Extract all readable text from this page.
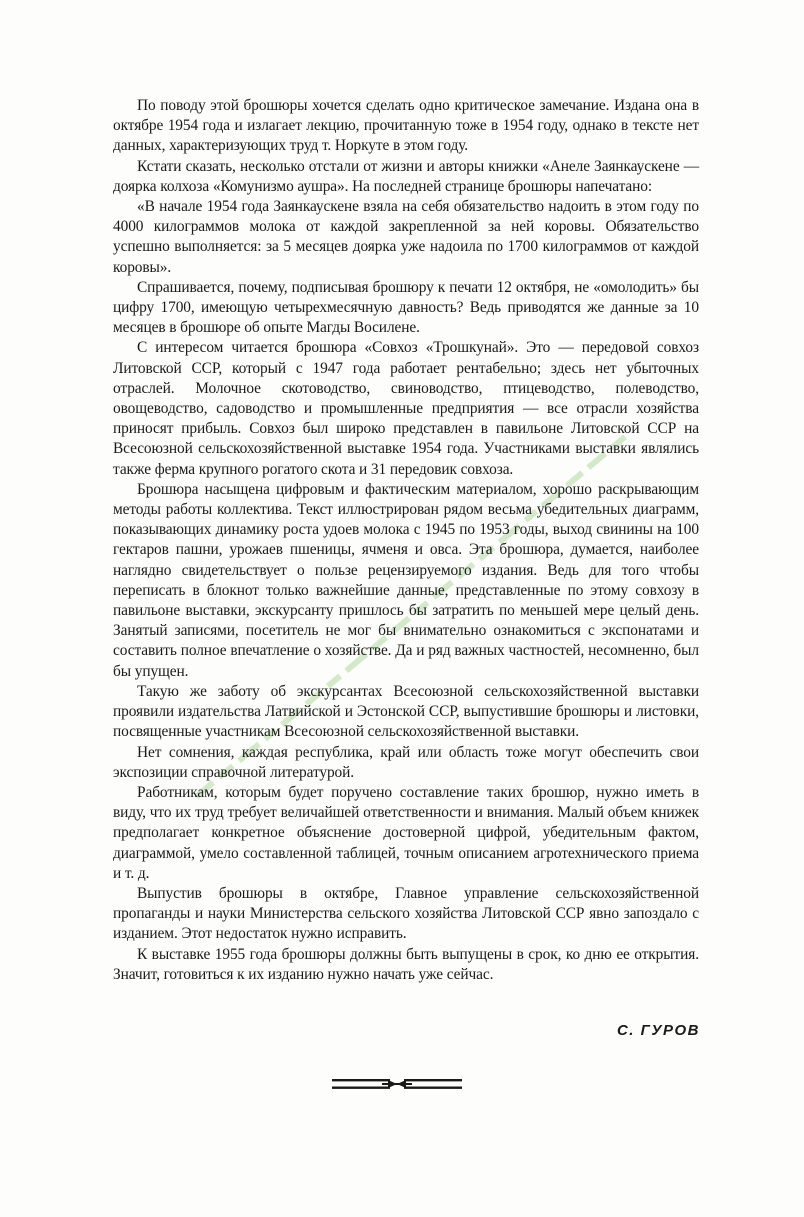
По поводу этой брошюры хочется сделать одно критическое замечание. Издана она в октябре 1954 года и излагает лекцию, прочитанную тоже в 1954 году, однако в тексте нет данных, характеризующих труд т. Норкуте в этом году.

Кстати сказать, несколько отстали от жизни и авторы книжки «Анеле Заянкаускене — доярка колхоза «Комунизмо аушра». На последней странице брошюры напечатано:

«В начале 1954 года Заянкаускене взяла на себя обязательство надоить в этом году по 4000 килограммов молока от каждой закрепленной за ней коровы. Обязательство успешно выполняется: за 5 месяцев доярка уже надоила по 1700 килограммов от каждой коровы».

Спрашивается, почему, подписывая брошюру к печати 12 октября, не «омолодить» бы цифру 1700, имеющую четырехмесячную давность? Ведь приводятся же данные за 10 месяцев в брошюре об опыте Магды Восилене.

С интересом читается брошюра «Совхоз «Трошкунай». Это — передовой совхоз Литовской ССР, который с 1947 года работает рентабельно; здесь нет убыточных отраслей. Молочное скотоводство, свиноводство, птицеводство, полеводство, овощеводство, садоводство и промышленные предприятия — все отрасли хозяйства приносят прибыль. Совхоз был широко представлен в павильоне Литовской ССР на Всесоюзной сельскохозяйственной выставке 1954 года. Участниками выставки являлись также ферма крупного рогатого скота и 31 передовик совхоза.

Брошюра насыщена цифровым и фактическим материалом, хорошо раскрывающим методы работы коллектива. Текст иллюстрирован рядом весьма убедительных диаграмм, показывающих динамику роста удоев молока с 1945 по 1953 годы, выход свинины на 100 гектаров пашни, урожаев пшеницы, ячменя и овса. Эта брошюра, думается, наиболее наглядно свидетельствует о пользе рецензируемого издания. Ведь для того чтобы переписать в блокнот только важнейшие данные, представленные по этому совхозу в павильоне выставки, экскурсанту пришлось бы затратить по меньшей мере целый день. Занятый записями, посетитель не мог бы внимательно ознакомиться с экспонатами и составить полное впечатление о хозяйстве. Да и ряд важных частностей, несомненно, был бы упущен.

Такую же заботу об экскурсантах Всесоюзной сельскохозяйственной выставки проявили издательства Латвийской и Эстонской ССР, выпустившие брошюры и листовки, посвященные участникам Всесоюзной сельскохозяйственной выставки.

Нет сомнения, каждая республика, край или область тоже могут обеспечить свои экспозиции справочной литературой.

Работникам, которым будет поручено составление таких брошюр, нужно иметь в виду, что их труд требует величайшей ответственности и внимания. Малый объем книжек предполагает конкретное объяснение достоверной цифрой, убедительным фактом, диаграммой, умело составленной таблицей, точным описанием агротехнического приема и т. д.

Выпустив брошюры в октябре, Главное управление сельскохозяйственной пропаганды и науки Министерства сельского хозяйства Литовской ССР явно запоздало с изданием. Этот недостаток нужно исправить.

К выставке 1955 года брошюры должны быть выпущены в срок, ко дню ее открытия. Значит, готовиться к их изданию нужно начать уже сейчас.

С. ГУРОВ
